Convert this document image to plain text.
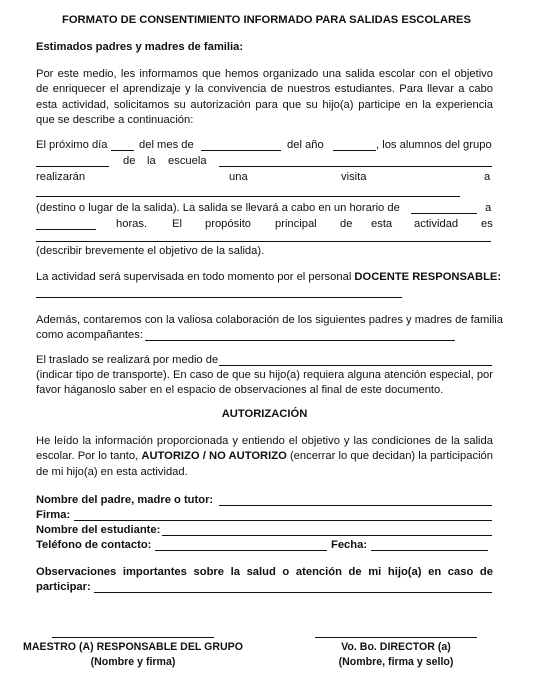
FORMATO DE CONSENTIMIENTO INFORMADO PARA SALIDAS ESCOLARES
Estimados padres y madres de familia:

Por este medio, les informamos que hemos organizado una salida escolar con el objetivo de enriquecer el aprendizaje y la convivencia de nuestros estudiantes. Para llevar a cabo esta actividad, solicitamos su autorización para que su hijo(a) participe en la experiencia que se describe a continuación:

El próximo día	del mes de	del año	, los alumnos del grupo
de la escuela
realizarán	una	visita	a
(destino o lugar de la salida). La salida se llevará a cabo en un horario de	a
horas. El propósito principal de esta actividad es
(describir brevemente el objetivo de la salida).
La actividad será supervisada en todo momento por el personal DOCENTE RESPONSABLE:
Además, contaremos con la valiosa colaboración de los siguientes padres y madres de familia
como acompañantes:
El traslado se realizará por medio de

(indicar tipo de transporte). En caso de que su hijo(a) requiera alguna atención especial, por favor háganoslo saber en el espacio de observaciones al final de este documento.

AUTORIZACIÓN

He leído la información proporcionada y entiendo el objetivo y las condiciones de la salida escolar. Por lo tanto, AUTORIZO / NO AUTORIZO (encerrar lo que decidan) la participación de mi hijo(a) en esta actividad.

Nombre del padre, madre o tutor:
Firma:
Nombre del estudiante:
Teléfono de contacto:	Fecha:

Observaciones importantes sobre la salud o atención de mi hijo(a) en caso de

participar:
MAESTRO (A) RESPONSABLE DEL GRUPO
(Nombre y firma)
Vo. Bo. DIRECTOR (a)
(Nombre, firma y sello)
